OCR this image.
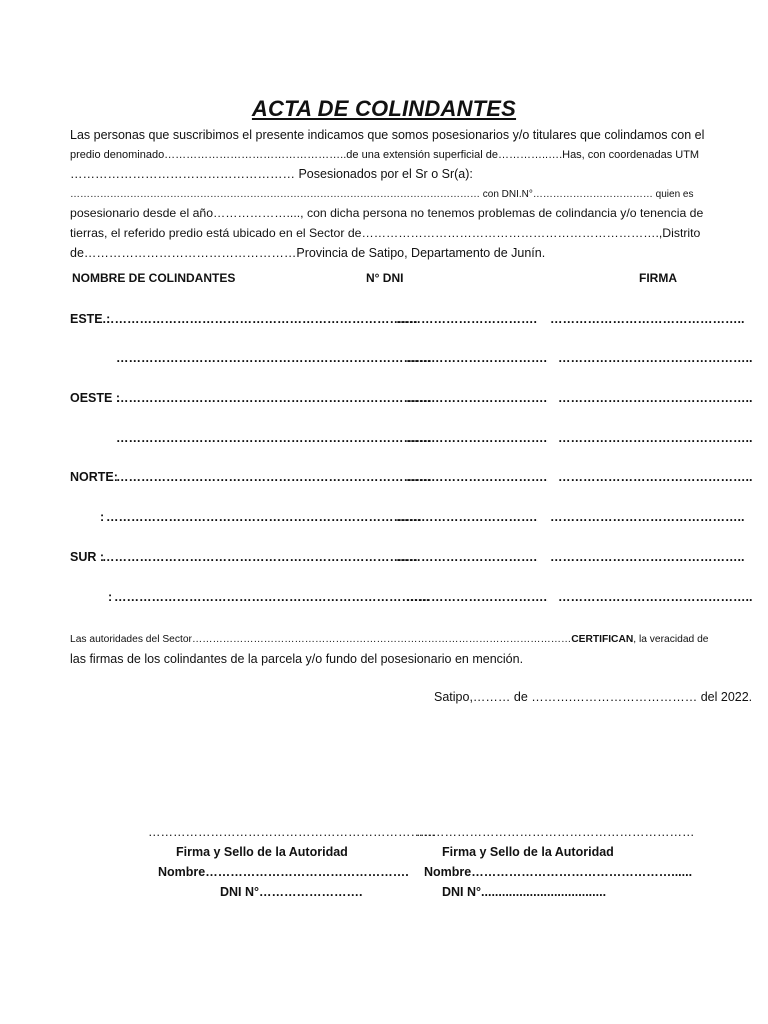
ACTA DE COLINDANTES

Las personas que suscribimos el presente indicamos que somos posesionarios y/o titulares que colindamos con el

predio denominado…………………………………………..de una extensión superficial de…………..….Has, con coordenadas UTM

……………………………………………… Posesionados por el Sr o Sr(a):

…………………………………………………………………………………………………………… con DNI.N°……………………………… quien es

posesionario desde el año………………...., con dicha persona no tenemos problemas de colindancia y/o tenencia de

tierras, el referido predio está ubicado en el Sector de……………………………………………………………….,Distrito

de……………………………………………Provincia de Satipo, Departamento de Junín.

NOMBRE DE COLINDANTES	N° DNI	FIRMA
ESTE :
……………………………………………………………….…
……………………………. ………………………………………..
……………………………………………………………….…
……………………………. ………………………………………..
OESTE :
……………………………………………………………….…
……………………………. ………………………………………..
……………………………………………………………….…
……………………………. ………………………………………..
NORTE:
……………………………………………………………….…
……………………………. ………………………………………..
: ……………………………………………………………….…
……………………………. ………………………………………..
SUR :
……………………………………………………………….…
……………………………. ………………………………………..
: ……………………………………………………………….…
……………………………. ………………………………………..

Las autoridades del Sector…………………………………………………………………………………………………CERTIFICAN, la veracidad de

las firmas de los colindantes de la parcela y/o fundo del posesionario en mención.

Satipo,……… de ……….………………………… del 2022.
……………………………………………………………
Firma y Sello de la Autoridad
Nombre………………………………………….
DNI N°…………………….
….………………………………………………………
Firma y Sello de la Autoridad
Nombre…………………………………………......
DNI N°....................................
